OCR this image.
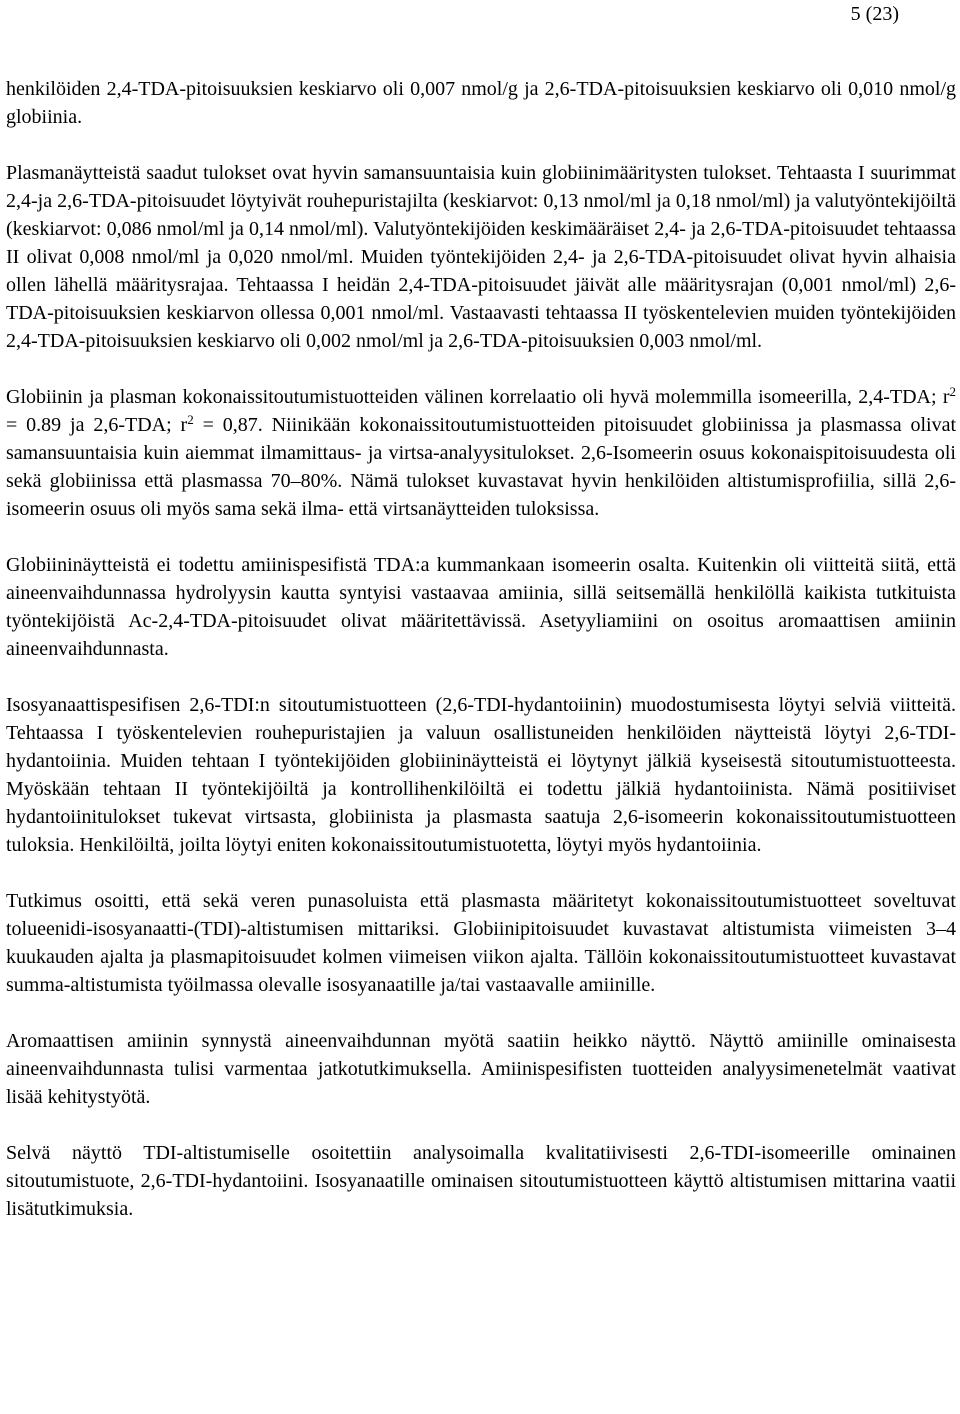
5 (23)

henkilöiden 2,4-TDA-pitoisuuksien keskiarvo oli 0,007 nmol/g ja 2,6-TDA-pitoisuuksien keskiarvo oli 0,010 nmol/g globiinia.

Plasmanäytteistä saadut tulokset ovat hyvin samansuuntaisia kuin globiinimääritysten tulokset. Tehtaasta I suurimmat 2,4-ja 2,6-TDA-pitoisuudet löytyivät rouhepuristajilta (keskiarvot: 0,13 nmol/ml ja 0,18 nmol/ml) ja valutyöntekijöiltä (keskiarvot: 0,086 nmol/ml ja 0,14 nmol/ml). Valutyöntekijöiden keskimääräiset 2,4- ja 2,6-TDA-pitoisuudet tehtaassa II olivat 0,008 nmol/ml ja 0,020 nmol/ml. Muiden työntekijöiden 2,4- ja 2,6-TDA-pitoisuudet olivat hyvin alhaisia ollen lähellä määritysrajaa. Tehtaassa I heidän 2,4-TDA-pitoisuudet jäivät alle määritysrajan (0,001 nmol/ml) 2,6-TDA-pitoisuuksien keskiarvon ollessa 0,001 nmol/ml. Vastaavasti tehtaassa II työskentelevien muiden työntekijöiden 2,4-TDA-pitoisuuksien keskiarvo oli 0,002 nmol/ml ja 2,6-TDA-pitoisuuksien 0,003 nmol/ml.

Globiinin ja plasman kokonaissitoutumistuotteiden välinen korrelaatio oli hyvä molemmilla isomeerilla, 2,4-TDA; $r^2 = 0.89$ ja 2,6-TDA; $r^2 = 0,87$. Niinikään kokonaissitoutumistuotteiden pitoisuudet globiinissa ja plasmassa olivat samansuuntaisia kuin aiemmat ilmamittaus- ja virtsa-analyysitulokset. 2,6-Isomeerin osuus kokonaispitoisuudesta oli sekä globiinissa että plasmassa 70–80%. Nämä tulokset kuvastavat hyvin henkilöiden altistumisprofiilia, sillä 2,6-isomeerin osuus oli myös sama sekä ilma- että virtsanäytteiden tuloksissa.

Globiininäytteistä ei todettu amiinispesifistä TDA:a kummankaan isomeerin osalta. Kuitenkin oli viitteitä siitä, että aineenvaihdunnassa hydrolyysin kautta syntyisi vastaavaa amiinia, sillä seitsemällä henkilöllä kaikista tutkituista työntekijöistä Ac-2,4-TDA-pitoisuudet olivat määritettävissä. Asetyyliamiini on osoitus aromaattisen amiinin aineenvaihdunnasta.

Isosyanaattispesifisen 2,6-TDI:n sitoutumistuotteen (2,6-TDI-hydantoiinin) muodostumisesta löytyi selviä viitteitä. Tehtaassa I työskentelevien rouhepuristajien ja valuun osallistuneiden henkilöiden näytteistä löytyi 2,6-TDI-hydantoiinia. Muiden tehtaan I työntekijöiden globiininäytteistä ei löytynyt jälkiä kyseisestä sitoutumistuotteesta. Myöskään tehtaan II työntekijöiltä ja kontrollihenkilöiltä ei todettu jälkiä hydantoiinista. Nämä positiiviset hydantoiinitulokset tukevat virtsasta, globiinista ja plasmasta saatuja 2,6-isomeerin kokonaissitoutumistuotteen tuloksia. Henkilöiltä, joilta löytyi eniten kokonaissitoutumistuotetta, löytyi myös hydantoiinia.

Tutkimus osoitti, että sekä veren punasoluista että plasmasta määritetyt kokonaissitoutumistuotteet soveltuvat tolueenidi-isosyanaatti-(TDI)-altistumisen mittariksi. Globiinipitoisuudet kuvastavat altistumista viimeisten 3–4 kuukauden ajalta ja plasmapitoisuudet kolmen viimeisen viikon ajalta. Tällöin kokonaissitoutumistuotteet kuvastavat summa-altistumista työilmassa olevalle isosyanaatille ja/tai vastaavalle amiinille.

Aromaattisen amiinin synnystä aineenvaihdunnan myötä saatiin heikko näyttö. Näyttö amiinille ominaisesta aineenvaihdunnasta tulisi varmentaa jatkotutkimuksella. Amiinispesifisten tuotteiden analyysimenetelmät vaativat lisää kehitystyötä.

Selvä näyttö TDI-altistumiselle osoitettiin analysoimalla kvalitatiivisesti 2,6-TDI-isomeerille ominainen sitoutumistuote, 2,6-TDI-hydantoiini. Isosyanaatille ominaisen sitoutumistuotteen käyttö altistumisen mittarina vaatii lisätutkimuksia.
